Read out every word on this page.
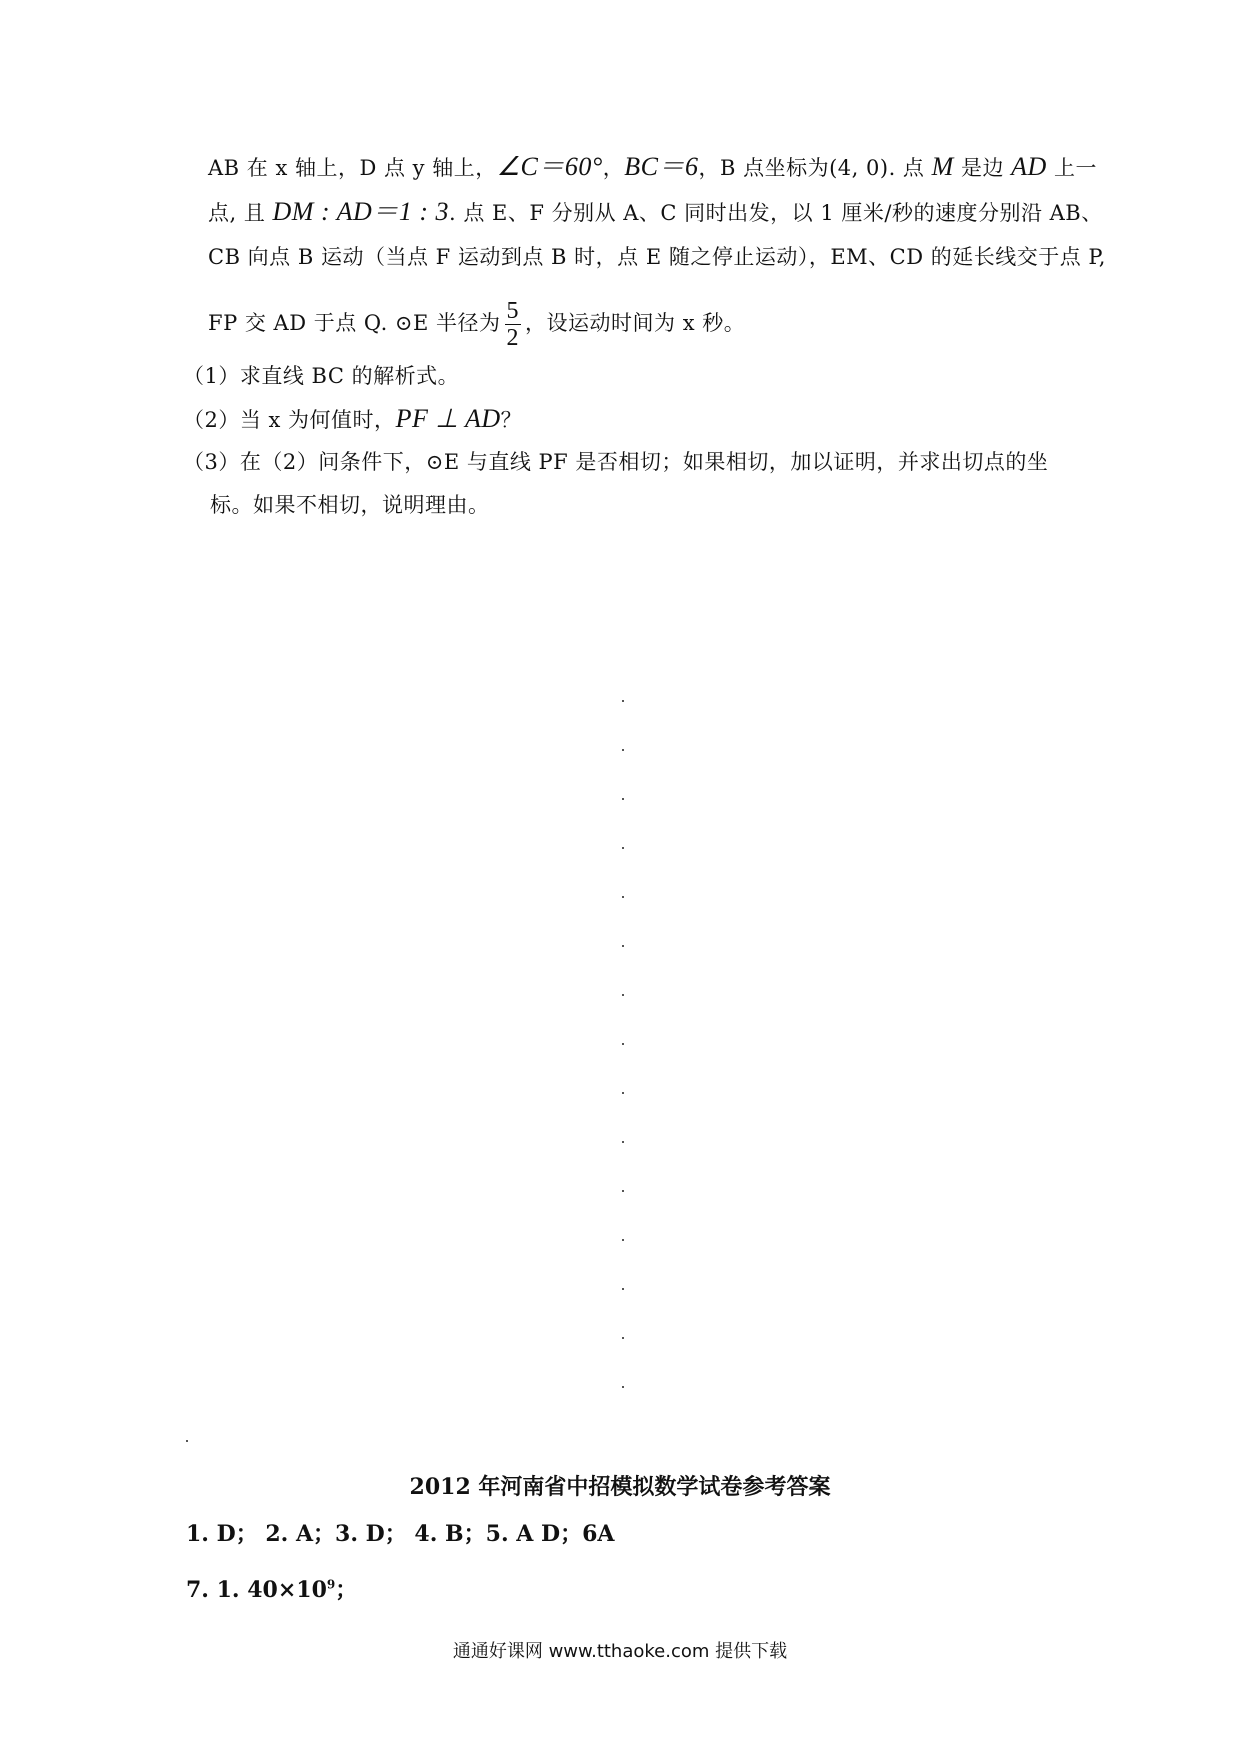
AB 在 x 轴上，D 点 y 轴上，∠C＝60°，BC＝6，B 点坐标为(4, 0). 点 M 是边 AD 上一
点, 且 DM : AD＝1 : 3. 点 E、F 分别从 A、C 同时出发，以 1 厘米/秒的速度分别沿 AB、
CB 向点 B 运动（当点 F 运动到点 B 时，点 E 随之停止运动），EM、CD 的延长线交于点 P,
FP 交 AD 于点 Q. ⊙E 半径为 $\frac{5}{2}$ ，设运动时间为 x 秒。
（1）求直线 BC 的解析式。
（2）当 x 为何值时，PF ⊥ AD？
（3）在（2）问条件下，⊙E 与直线 PF 是否相切；如果相切，加以证明，并求出切点的坐
标。如果不相切，说明理由。
2012 年河南省中招模拟数学试卷参考答案
1. D； 2. A；3. D； 4. B；5. A D；6A
7. 1. $40\times 10^9$；
通通好课网 www.tthaoke.com 提供下载
